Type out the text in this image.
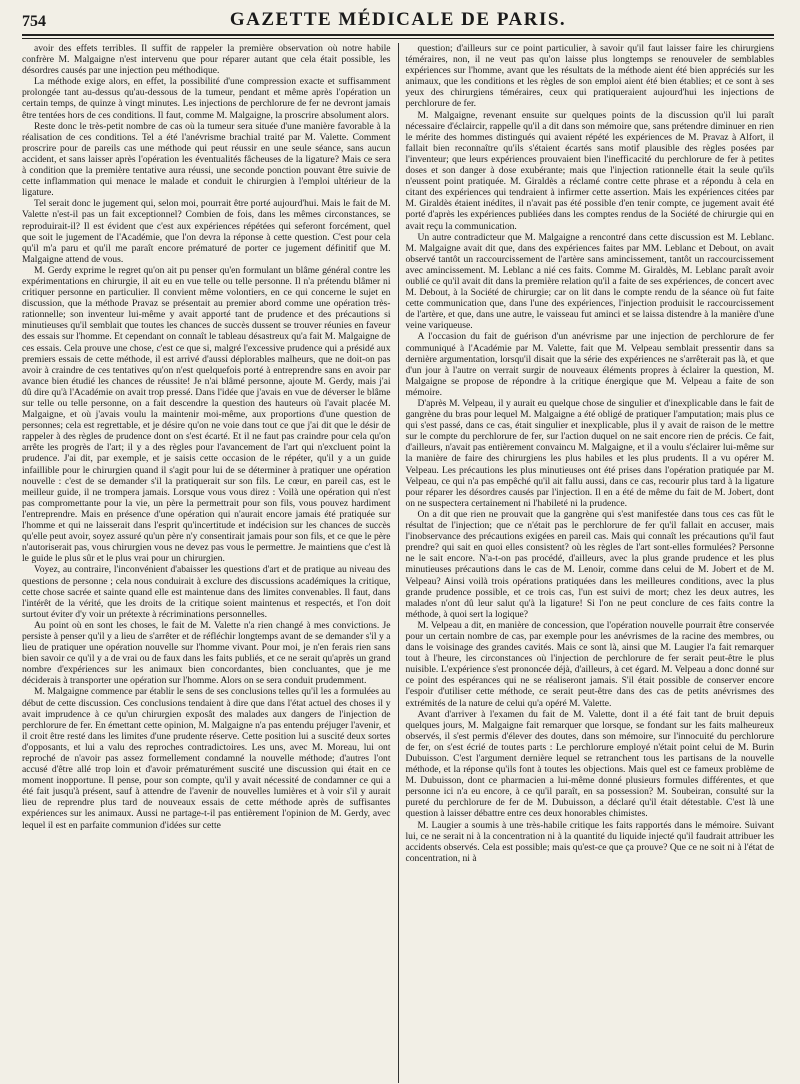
754	GAZETTE MÉDICALE DE PARIS.

avoir des effets terribles. Il suffit de rappeler la première observation où notre habile confrère M. Malgaigne n'est intervenu que pour réparer autant que cela était possible, les désordres causés par une injection peu méthodique.

La méthode exige alors, en effet, la possibilité d'une compression exacte et suffisamment prolongée tant au-dessus qu'au-dessous de la tumeur, pendant et même après l'opération un certain temps, de quinze à vingt minutes. Les injections de perchlorure de fer ne devront jamais être tentées hors de ces conditions. Il faut, comme M. Malgaigne, la proscrire absolument alors.

Reste donc le très-petit nombre de cas où la tumeur sera située d'une manière favorable à la réalisation de ces conditions. Tel a été l'anévrisme brachial traité par M. Valette. Comment proscrire pour de pareils cas une méthode qui peut réussir en une seule séance, sans aucun accident, et sans laisser après l'opération les éventualités fâcheuses de la ligature? Mais ce sera à condition que la première tentative aura réussi, une seconde ponction pouvant être suivie de cette inflammation qui menace le malade et conduit le chirurgien à l'emploi ultérieur de la ligature.

Tel serait donc le jugement qui, selon moi, pourrait être porté aujourd'hui. Mais le fait de M. Valette n'est-il pas un fait exceptionnel? Combien de fois, dans les mêmes circonstances, se reproduirait-il? Il est évident que c'est aux expériences répétées qui seferont forcément, quel que soit le jugement de l'Académie, que l'on devra la réponse à cette question. C'est pour cela qu'il m'a paru et qu'il me paraît encore prématuré de porter ce jugement définitif que M. Malgaigne attend de vous.

M. Gerdy exprime le regret qu'on ait pu penser qu'en formulant un blâme général contre les expérimentations en chirurgie, il ait eu en vue telle ou telle personne. Il n'a prétendu blâmer ni critiquer personne en particulier. Il convient même volontiers, en ce qui concerne le sujet en discussion, que la méthode Pravaz se présentait au premier abord comme une opération très-rationnelle; son inventeur lui-même y avait apporté tant de prudence et des précautions si minutieuses qu'il semblait que toutes les chances de succès dussent se trouver réunies en faveur des essais sur l'homme. Et cependant on connaît le tableau désastreux qu'a fait M. Malgaigne de ces essais. Cela prouve une chose, c'est ce que si, malgré l'excessive prudence qui a présidé aux premiers essais de cette méthode, il est arrivé d'aussi déplorables malheurs, que ne doit-on pas avoir à craindre de ces tentatives qu'on n'est quelquefois porté à entreprendre sans en avoir par avance bien étudié les chances de réussite! Je n'ai blâmé personne, ajoute M. Gerdy, mais j'ai dû dire qu'à l'Académie on avait trop pressé. Dans l'idée que j'avais en vue de déverser le blâme sur telle ou telle personne, on a fait descendre la question des hauteurs où l'avait placée M. Malgaigne, et où j'avais voulu la maintenir moi-même, aux proportions d'une question de personnes; cela est regrettable, et je désire qu'on ne voie dans tout ce que j'ai dit que le désir de rappeler à des règles de prudence dont on s'est écarté. Et il ne faut pas craindre pour cela qu'on arrête les progrès de l'art; il y a des règles pour l'avancement de l'art qui n'excluent point la prudence. J'ai dit, par exemple, et je saisis cette occasion de le répéter, qu'il y a un guide infaillible pour le chirurgien quand il s'agit pour lui de se déterminer à pratiquer une opération nouvelle : c'est de se demander s'il la pratiquerait sur son fils. Le cœur, en pareil cas, est le meilleur guide, il ne trompera jamais. Lorsque vous vous direz : Voilà une opération qui n'est pas compromettante pour la vie, un père la permettrait pour son fils, vous pouvez hardiment l'entreprendre. Mais en présence d'une opération qui n'aurait encore jamais été pratiquée sur l'homme et qui ne laisserait dans l'esprit qu'incertitude et indécision sur les chances de succès qu'elle peut avoir, soyez assuré qu'un père n'y consentirait jamais pour son fils, et ce que le père n'autoriserait pas, vous chirurgien vous ne devez pas vous le permettre. Je maintiens que c'est là le guide le plus sûr et le plus vrai pour un chirurgien.

Voyez, au contraire, l'inconvénient d'abaisser les questions d'art et de pratique au niveau des questions de personne ; cela nous conduirait à exclure des discussions académiques la critique, cette chose sacrée et sainte quand elle est maintenue dans des limites convenables. Il faut, dans l'intérêt de la vérité, que les droits de la critique soient maintenus et respectés, et l'on doit surtout éviter d'y voir un prétexte à récriminations personnelles.

Au point où en sont les choses, le fait de M. Valette n'a rien changé à mes convictions. Je persiste à penser qu'il y a lieu de s'arrêter et de réfléchir longtemps avant de se demander s'il y a lieu de pratiquer une opération nouvelle sur l'homme vivant. Pour moi, je n'en ferais rien sans bien savoir ce qu'il y a de vrai ou de faux dans les faits publiés, et ce ne serait qu'après un grand nombre d'expériences sur les animaux bien concordantes, bien concluantes, que je me déciderais à transporter une opération sur l'homme. Alors on se sera conduit prudemment.

M. Malgaigne commence par établir le sens de ses conclusions telles qu'il les a formulées au début de cette discussion. Ces conclusions tendaient à dire que dans l'état actuel des choses il y avait imprudence à ce qu'un chirurgien exposât des malades aux dangers de l'injection de perchlorure de fer. En émettant cette opinion, M. Malgaigne n'a pas entendu préjuger l'avenir, et il croit être resté dans les limites d'une prudente réserve. Cette position lui a suscité deux sortes d'opposants, et lui a valu des reproches contradictoires. Les uns, avec M. Moreau, lui ont reproché de n'avoir pas assez formellement condamné la nouvelle méthode; d'autres l'ont accusé d'être allé trop loin et d'avoir prématurément suscité une discussion qui était en ce moment inopportune. Il pense, pour son compte, qu'il y avait nécessité de condamner ce qui a été fait jusqu'à présent, sauf à attendre de l'avenir de nouvelles lumières et à voir s'il y aurait lieu de reprendre plus tard de nouveaux essais de cette méthode après de suffisantes expériences sur les animaux. Aussi ne partage-t-il pas entièrement l'opinion de M. Gerdy, avec lequel il est en parfaite communion d'idées sur cette

question; d'ailleurs sur ce point particulier, à savoir qu'il faut laisser faire les chirurgiens téméraires, non, il ne veut pas qu'on laisse plus longtemps se renouveler de semblables expériences sur l'homme, avant que les résultats de la méthode aient été bien appréciés sur les animaux, que les conditions et les règles de son emploi aient été bien établies; et ce sont à ses yeux des chirurgiens téméraires, ceux qui pratiqueraient aujourd'hui les injections de perchlorure de fer.

M. Malgaigne, revenant ensuite sur quelques points de la discussion qu'il lui paraît nécessaire d'éclaircir, rappelle qu'il a dit dans son mémoire que, sans prétendre diminuer en rien le mérite des hommes distingués qui avaient répété les expériences de M. Pravaz à Alfort, il fallait bien reconnaître qu'ils s'étaient écartés sans motif plausible des règles posées par l'inventeur; que leurs expériences prouvaient bien l'inefficacité du perchlorure de fer à petites doses et son danger à dose exubérante; mais que l'injection rationnelle était la seule qu'ils n'eussent point pratiquée. M. Giraldès a réclamé contre cette phrase et a répondu à cela en citant des expériences qui tendraient à infirmer cette assertion. Mais les expériences citées par M. Giraldès étaient inédites, il n'avait pas été possible d'en tenir compte, ce jugement avait été porté d'après les expériences publiées dans les comptes rendus de la Société de chirurgie qui en avait reçu la communication.

Un autre contradicteur que M. Malgaigne a rencontré dans cette discussion est M. Leblanc. M. Malgaigne avait dit que, dans des expériences faites par MM. Leblanc et Debout, on avait observé tantôt un raccourcissement de l'artère sans amincissement, tantôt un raccourcissement avec amincissement. M. Leblanc a nié ces faits. Comme M. Giraldès, M. Leblanc paraît avoir oublié ce qu'il avait dit dans la première relation qu'il a faite de ses expériences, de concert avec M. Debout, à la Société de chirurgie; car on lit dans le compte rendu de la séance où fut faite cette communication que, dans l'une des expériences, l'injection produisit le raccourcissement de l'artère, et que, dans une autre, le vaisseau fut aminci et se laissa distendre à la manière d'une veine variqueuse.

A l'occasion du fait de guérison d'un anévrisme par une injection de perchlorure de fer communiqué à l'Académie par M. Valette, fait que M. Velpeau semblait pressentir dans sa dernière argumentation, lorsqu'il disait que la série des expériences ne s'arrêterait pas là, et que d'un jour à l'autre on verrait surgir de nouveaux éléments propres à éclairer la question, M. Malgaigne se propose de répondre à la critique énergique que M. Velpeau a faite de son mémoire.

D'après M. Velpeau, il y aurait eu quelque chose de singulier et d'inexplicable dans le fait de gangrène du bras pour lequel M. Malgaigne a été obligé de pratiquer l'amputation; mais plus ce qui s'est passé, dans ce cas, était singulier et inexplicable, plus il y avait de raison de le mettre sur le compte du perchlorure de fer, sur l'action duquel on ne sait encore rien de précis. Ce fait, d'ailleurs, n'avait pas entièrement convaincu M. Malgaigne, et il a voulu s'éclairer lui-même sur la manière de faire des chirurgiens les plus habiles et les plus prudents. Il a vu opérer M. Velpeau. Les précautions les plus minutieuses ont été prises dans l'opération pratiquée par M. Velpeau, ce qui n'a pas empêché qu'il ait fallu aussi, dans ce cas, recourir plus tard à la ligature pour réparer les désordres causés par l'injection. Il en a été de même du fait de M. Jobert, dont on ne suspectera certainement ni l'habileté ni la prudence.

On a dit que rien ne prouvait que la gangrène qui s'est manifestée dans tous ces cas fût le résultat de l'injection; que ce n'était pas le perchlorure de fer qu'il fallait en accuser, mais l'inobservance des précautions exigées en pareil cas. Mais qui connaît les précautions qu'il faut prendre? qui sait en quoi elles consistent? où les règles de l'art sont-elles formulées? Personne ne le sait encore. N'a-t-on pas procédé, d'ailleurs, avec la plus grande prudence et les plus minutieuses précautions dans le cas de M. Lenoir, comme dans celui de M. Jobert et de M. Velpeau? Ainsi voilà trois opérations pratiquées dans les meilleures conditions, avec la plus grande prudence possible, et ce trois cas, l'un est suivi de mort; chez les deux autres, les malades n'ont dû leur salut qu'à la ligature! Si l'on ne peut conclure de ces faits contre la méthode, à quoi sert la logique?

M. Velpeau a dit, en manière de concession, que l'opération nouvelle pourrait être conservée pour un certain nombre de cas, par exemple pour les anévrismes de la racine des membres, ou dans le voisinage des grandes cavités. Mais ce sont là, ainsi que M. Laugier l'a fait remarquer tout à l'heure, les circonstances où l'injection de perchlorure de fer serait peut-être le plus nuisible. L'expérience s'est prononcée déjà, d'ailleurs, à cet égard. M. Velpeau a donc donné sur ce point des espérances qui ne se réaliseront jamais. S'il était possible de conserver encore l'espoir d'utiliser cette méthode, ce serait peut-être dans des cas de petits anévrismes des extrémités de la nature de celui qu'a opéré M. Valette.

Avant d'arriver à l'examen du fait de M. Valette, dont il a été fait tant de bruit depuis quelques jours, M. Malgaigne fait remarquer que lorsque, se fondant sur les faits malheureux observés, il s'est permis d'élever des doutes, dans son mémoire, sur l'innocuité du perchlorure de fer, on s'est écrié de toutes parts : Le perchlorure employé n'était point celui de M. Burin Dubuisson. C'est l'argument dernière lequel se retranchent tous les partisans de la nouvelle méthode, et la réponse qu'ils font à toutes les objections. Mais quel est ce fameux problème de M. Dubuisson, dont ce pharmacien a lui-même donné plusieurs formules différentes, et que personne ici n'a eu encore, à ce qu'il paraît, en sa possession? M. Soubeiran, consulté sur la pureté du perchlorure de fer de M. Dubuisson, a déclaré qu'il était détestable. C'est là une question à laisser débattre entre ces deux honorables chimistes.

M. Laugier a soumis à une très-habile critique les faits rapportés dans le mémoire. Suivant lui, ce ne serait ni à la concentration ni à la quantité du liquide injecté qu'il faudrait attribuer les accidents observés. Cela est possible; mais qu'est-ce que ça prouve? Que ce ne soit ni à l'état de concentration, ni à
